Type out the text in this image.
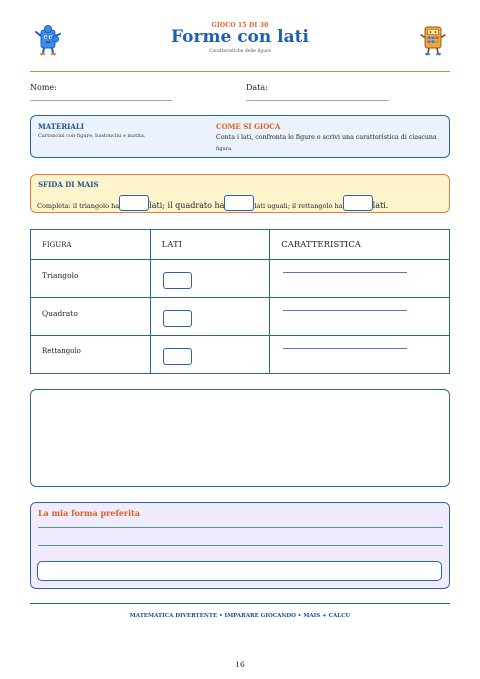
GIOCO 15 DI 30
Forme con lati
Caratteristiche delle figure
Nome:	Data:
MATERIALI
Cartoncini con figure, bastoncini e matita.
COME SI GIOCA
Conta i lati, confronta le figure e scrivi una caratteristica di ciascuna
figura.
SFIDA DI MAIS
Completa: il triangolo ha	lati; il quadrato ha	lati uguali; il rettangolo ha	lati.
FIGURA	LATI	CARATTERISTICA
Triangolo	

Quadrato	

Rettangolo	

La mia forma preferita
MATEMATICA DIVERTENTE • IMPARARE GIOCANDO • MAIS + CÀLCU
16
